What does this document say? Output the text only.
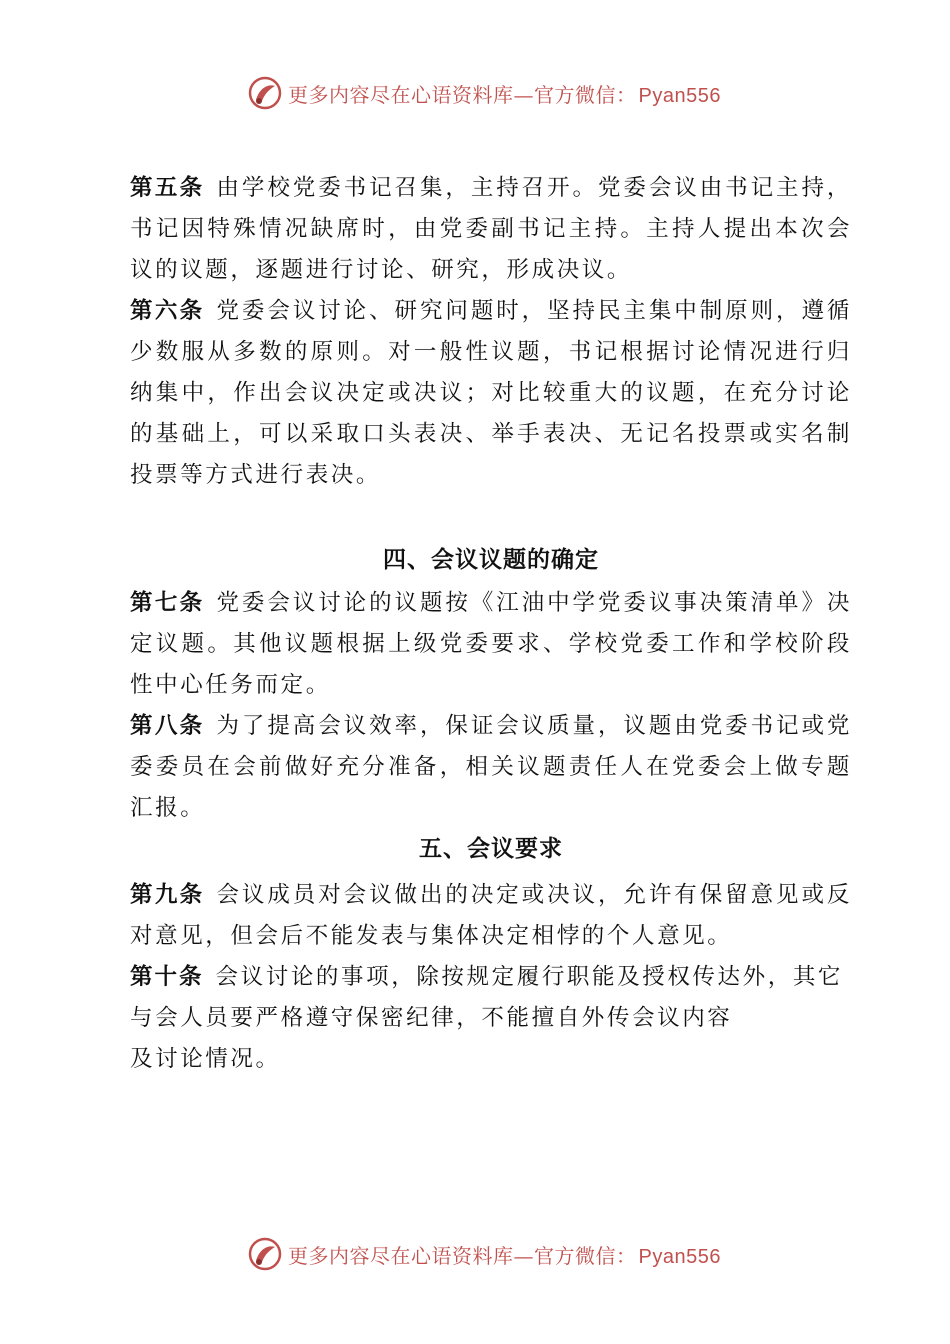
更多内容尽在心语资料库—官方微信： Pyan556

第五条 由学校党委书记召集，主持召开。党委会议由书记主持，书记因特殊情况缺席时，由党委副书记主持。主持人提出本次会议的议题，逐题进行讨论、研究，形成决议。

第六条 党委会议讨论、研究问题时，坚持民主集中制原则，遵循少数服从多数的原则。对一般性议题，书记根据讨论情况进行归纳集中，作出会议决定或决议；对比较重大的议题，在充分讨论的基础上，可以采取口头表决、举手表决、无记名投票或实名制投票等方式进行表决。

四、会议议题的确定

第七条 党委会议讨论的议题按《江油中学党委议事决策清单》决定议题。其他议题根据上级党委要求、学校党委工作和学校阶段性中心任务而定。

第八条 为了提高会议效率，保证会议质量，议题由党委书记或党委委员在会前做好充分准备，相关议题责任人在党委会上做专题汇报。

五、会议要求

第九条 会议成员对会议做出的决定或决议，允许有保留意见或反对意见，但会后不能发表与集体决定相悖的个人意见。

第十条 会议讨论的事项，除按规定履行职能及授权传达外，其它与会人员要严格遵守保密纪律，不能擅自外传会议内容
及讨论情况。

更多内容尽在心语资料库—官方微信： Pyan556
